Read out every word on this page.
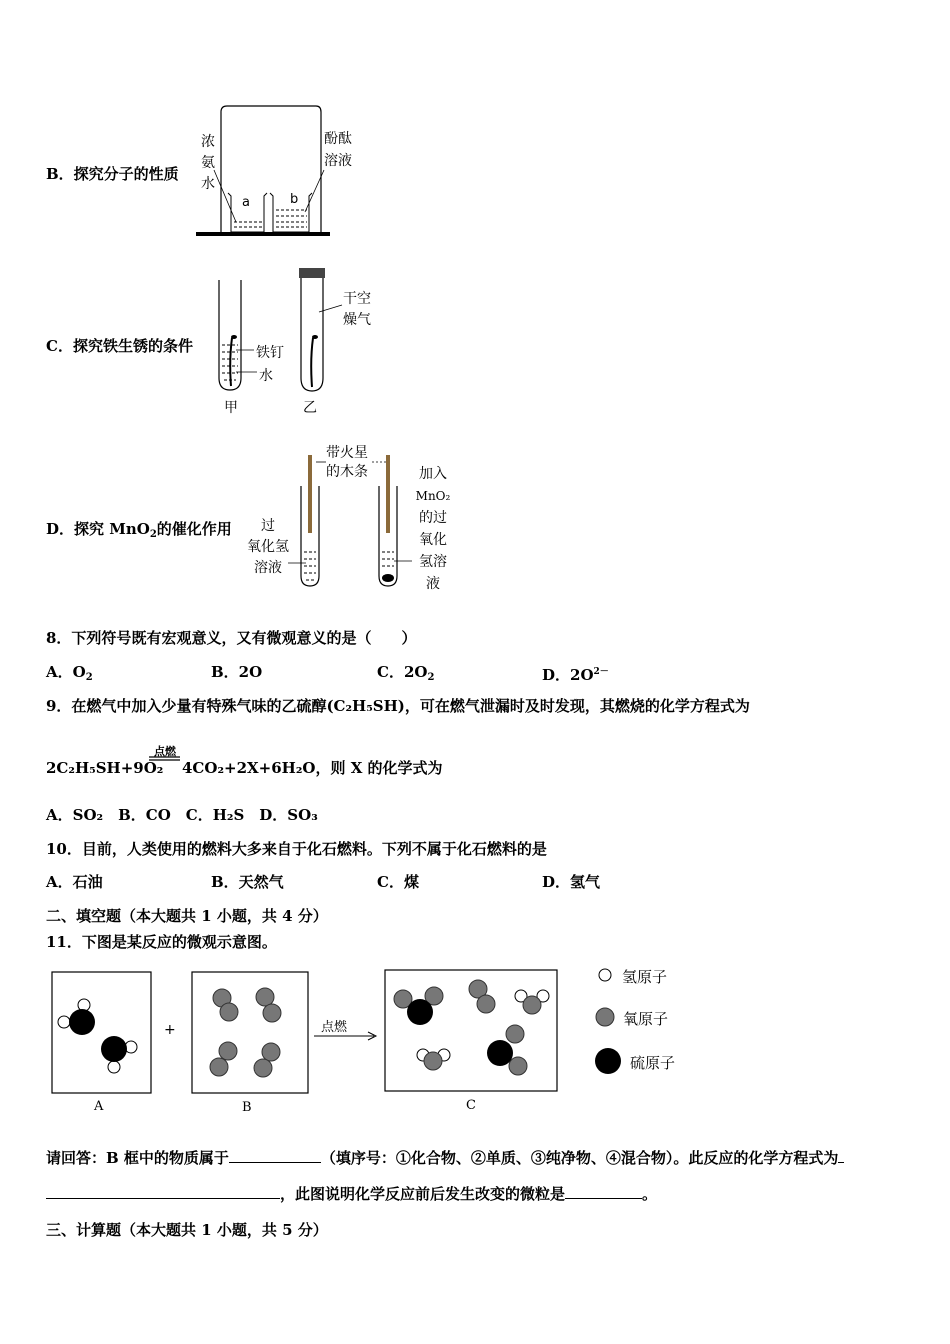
B．探究分子的性质
浓
氨
水
酚酞
溶液
a	b
C．探究铁生锈的条件
干空
燥气
铁钉
水
甲	乙
D．探究 MnO$_2$的催化作用
带火星
的木条
过
氧化氢
溶液
加入
MnO₂
的过
氧化
氢溶
液
8．下列符号既有宏观意义，又有微观意义的是（　　）
A．$O_2$	B．2O	C．$2O_2$	D．$2O^{2-}$
9．在燃气中加入少量有特殊气味的乙硫醇(C₂H₅SH)，可在燃气泄漏时及时发现，其燃烧的化学方程式为
2C₂H₅SH+9O₂
点燃
4CO₂+2X+6H₂O，则 X 的化学式为
A．SO₂　B．CO　C．H₂S　D．SO₃
10．目前，人类使用的燃料大多来自于化石燃料。下列不属于化石燃料的是
A．石油	B．天然气	C．煤	D．氢气
二、填空题（本大题共 1 小题，共 4 分）
11．下图是某反应的微观示意图。
+	点燃
A	B	C
氢原子
氧原子
硫原子
请回答：B 框中的物质属于	（填序号：①化合物、②单质、③纯净物、④混合物）。此反应的化学方程式为
，此图说明化学反应前后发生改变的微粒是	。
三、计算题（本大题共 1 小题，共 5 分）
